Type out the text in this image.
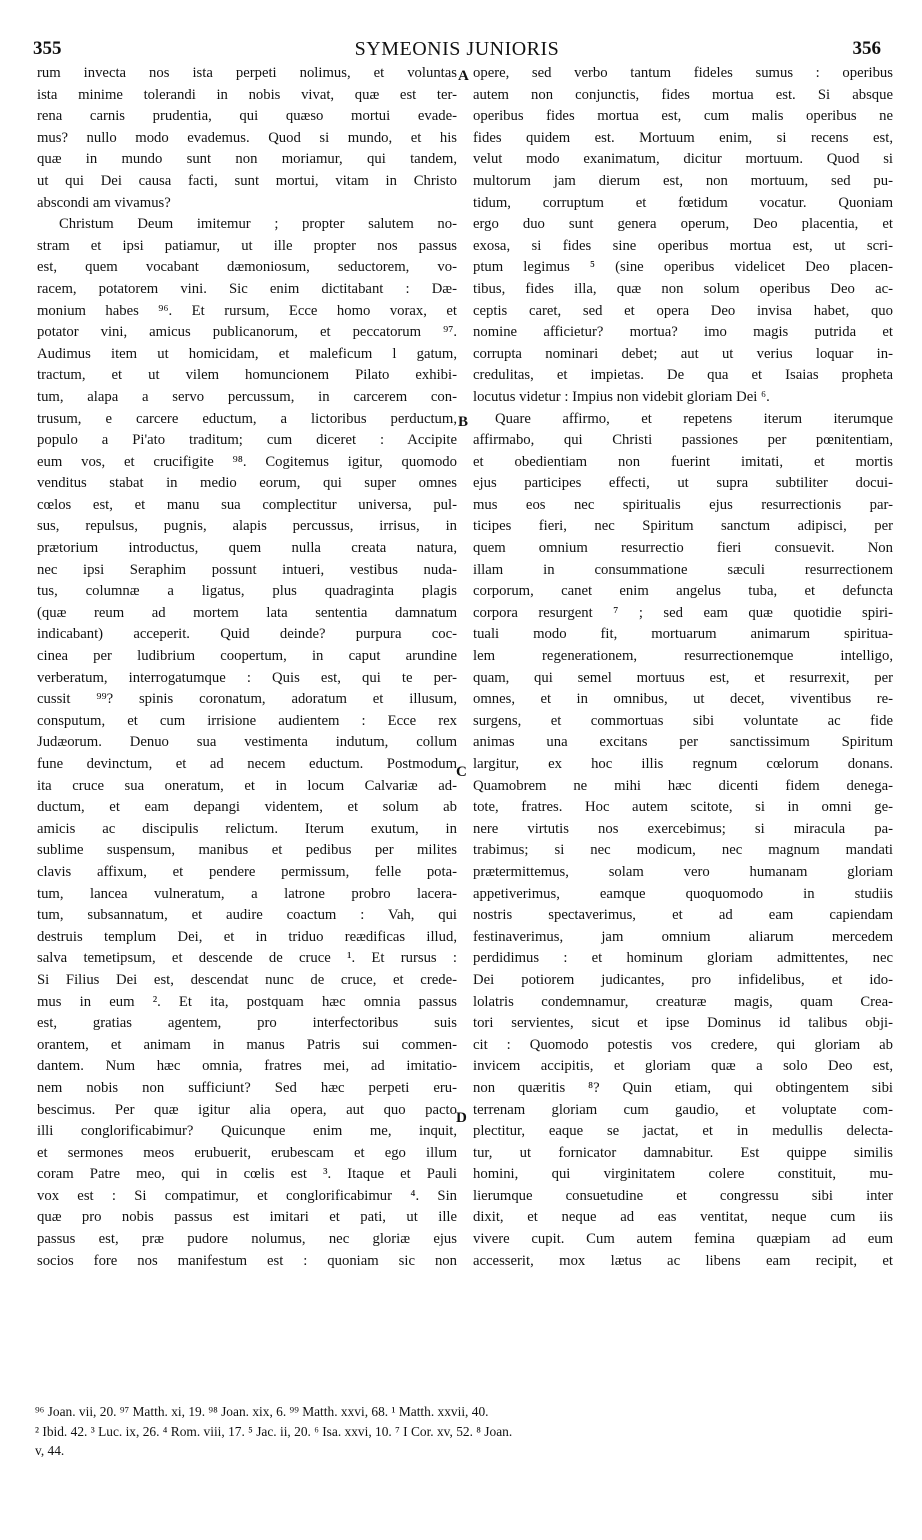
355	SYMEONIS JUNIORIS	356

rum invecta nos ista perpeti nolimus, et voluntas

ista minime tolerandi in nobis vivat, quæ est ter-

rena carnis prudentia, qui quæso mortui evade-

mus? nullo modo evademus. Quod si mundo, et his

quæ in mundo sunt non moriamur, qui tandem,

ut qui Dei causa facti, sunt mortui, vitam in Christo

abscondi am vivamus?

Christum Deum imitemur ; propter salutem no-

stram et ipsi patiamur, ut ille propter nos passus

est, quem vocabant dæmoniosum, seductorem, vo-

racem, potatorem vini. Sic enim dictitabant : Dæ-

monium habes ⁹⁶. Et rursum, Ecce homo vorax, et

potator vini, amicus publicanorum, et peccatorum ⁹⁷.

Audimus item ut homicidam, et maleficum l gatum,

tractum, et ut vilem homuncionem Pilato exhibi-

tum, alapa a servo percussum, in carcerem con-

trusum, e carcere eductum, a lictoribus perductum,

populo a Pi'ato traditum; cum diceret : Accipite

eum vos, et crucifigite ⁹⁸. Cogitemus igitur, quomodo

venditus stabat in medio eorum, qui super omnes

cœlos est, et manu sua complectitur universa, pul-

sus, repulsus, pugnis, alapis percussus, irrisus, in

prætorium introductus, quem nulla creata natura,

nec ipsi Seraphim possunt intueri, vestibus nuda-

tus, columnæ a ligatus, plus quadraginta plagis

(quæ reum ad mortem lata sententia damnatum

indicabant) acceperit. Quid deinde? purpura coc-

cinea per ludibrium coopertum, in caput arundine

verberatum, interrogatumque : Quis est, qui te per-

cussit ⁹⁹? spinis coronatum, adoratum et illusum,

consputum, et cum irrisione audientem : Ecce rex

Judæorum. Denuo sua vestimenta indutum, collum

fune devinctum, et ad necem eductum. Postmodum

ita cruce sua oneratum, et in locum Calvariæ ad-

ductum, et eam depangi videntem, et solum ab

amicis ac discipulis relictum. Iterum exutum, in

sublime suspensum, manibus et pedibus per milites

clavis affixum, et pendere permissum, felle pota-

tum, lancea vulneratum, a latrone probro lacera-

tum, subsannatum, et audire coactum : Vah, qui

destruis templum Dei, et in triduo reædificas illud,

salva temetipsum, et descende de cruce ¹. Et rursus :

Si Filius Dei est, descendat nunc de cruce, et crede-

mus in eum ². Et ita, postquam hæc omnia passus

est, gratias agentem, pro interfectoribus suis

orantem, et animam in manus Patris sui commen-

dantem. Num hæc omnia, fratres mei, ad imitatio-

nem nobis non sufficiunt? Sed hæc perpeti eru-

bescimus. Per quæ igitur alia opera, aut quo pacto

illi conglorificabimur? Quicunque enim me, inquit,

et sermones meos erubuerit, erubescam et ego illum

coram Patre meo, qui in cœlis est ³. Itaque et Pauli

vox est : Si compatimur, et conglorificabimur ⁴. Sin

quæ pro nobis passus est imitari et pati, ut ille

passus est, præ pudore nolumus, nec gloriæ ejus

socios fore nos manifestum est : quoniam sic non

opere, sed verbo tantum fideles sumus : operibus

autem non conjunctis, fides mortua est. Si absque

operibus fides mortua est, cum malis operibus ne

fides quidem est. Mortuum enim, si recens est,

velut modo exanimatum, dicitur mortuum. Quod si

multorum jam dierum est, non mortuum, sed pu-

tidum, corruptum et fœtidum vocatur. Quoniam

ergo duo sunt genera operum, Deo placentia, et

exosa, si fides sine operibus mortua est, ut scri-

ptum legimus ⁵ (sine operibus videlicet Deo placen-

tibus, fides illa, quæ non solum operibus Deo ac-

ceptis caret, sed et opera Deo invisa habet, quo

nomine afficietur? mortua? imo magis putrida et

corrupta nominari debet; aut ut verius loquar in-

credulitas, et impietas. De qua et Isaias propheta

locutus videtur : Impius non videbit gloriam Dei ⁶.

Quare affirmo, et repetens iterum iterumque

affirmabo, qui Christi passiones per pœnitentiam,

et obedientiam non fuerint imitati, et mortis

ejus participes effecti, ut supra subtiliter docui-

mus eos nec spiritualis ejus resurrectionis par-

ticipes fieri, nec Spiritum sanctum adipisci, per

quem omnium resurrectio fieri consuevit. Non

illam in consummatione sæculi resurrectionem

corporum, canet enim angelus tuba, et defuncta

corpora resurgent ⁷ ; sed eam quæ quotidie spiri-

tuali modo fit, mortuarum animarum spiritua-

lem regenerationem, resurrectionemque intelligo,

quam, qui semel mortuus est, et resurrexit, per

omnes, et in omnibus, ut decet, viventibus re-

surgens, et commortuas sibi voluntate ac fide

animas una excitans per sanctissimum Spiritum

largitur, ex hoc illis regnum cœlorum donans.

Quamobrem ne mihi hæc dicenti fidem denega-

tote, fratres. Hoc autem scitote, si in omni ge-

nere virtutis nos exercebimus; si miracula pa-

trabimus; si nec modicum, nec magnum mandati

prætermittemus, solam vero humanam gloriam

appetiverimus, eamque quoquomodo in studiis

nostris spectaverimus, et ad eam capiendam

festinaverimus, jam omnium aliarum mercedem

perdidimus : et hominum gloriam admittentes, nec

Dei potiorem judicantes, pro infidelibus, et ido-

lolatris condemnamur, creaturæ magis, quam Crea-

tori servientes, sicut et ipse Dominus id talibus obji-

cit : Quomodo potestis vos credere, qui gloriam ab

invicem accipitis, et gloriam quæ a solo Deo est,

non quæritis ⁸? Quin etiam, qui obtingentem sibi

terrenam gloriam cum gaudio, et voluptate com-

plectitur, eaque se jactat, et in medullis delecta-

tur, ut fornicator damnabitur. Est quippe similis

homini, qui virginitatem colere constituit, mu-

lierumque consuetudine et congressu sibi inter

dixit, et neque ad eas ventitat, neque cum iis

vivere cupit. Cum autem femina quæpiam ad eum

accesserit, mox lætus ac libens eam recipit, et

A
B
C
D
⁹⁶ Joan. vii, 20. ⁹⁷ Matth. xi, 19. ⁹⁸ Joan. xix, 6. ⁹⁹ Matth. xxvi, 68. ¹ Matth. xxvii, 40.
² Ibid. 42. ³ Luc. ix, 26. ⁴ Rom. viii, 17. ⁵ Jac. ii, 20. ⁶ Isa. xxvi, 10. ⁷ I Cor. xv, 52. ⁸ Joan.
v, 44.
